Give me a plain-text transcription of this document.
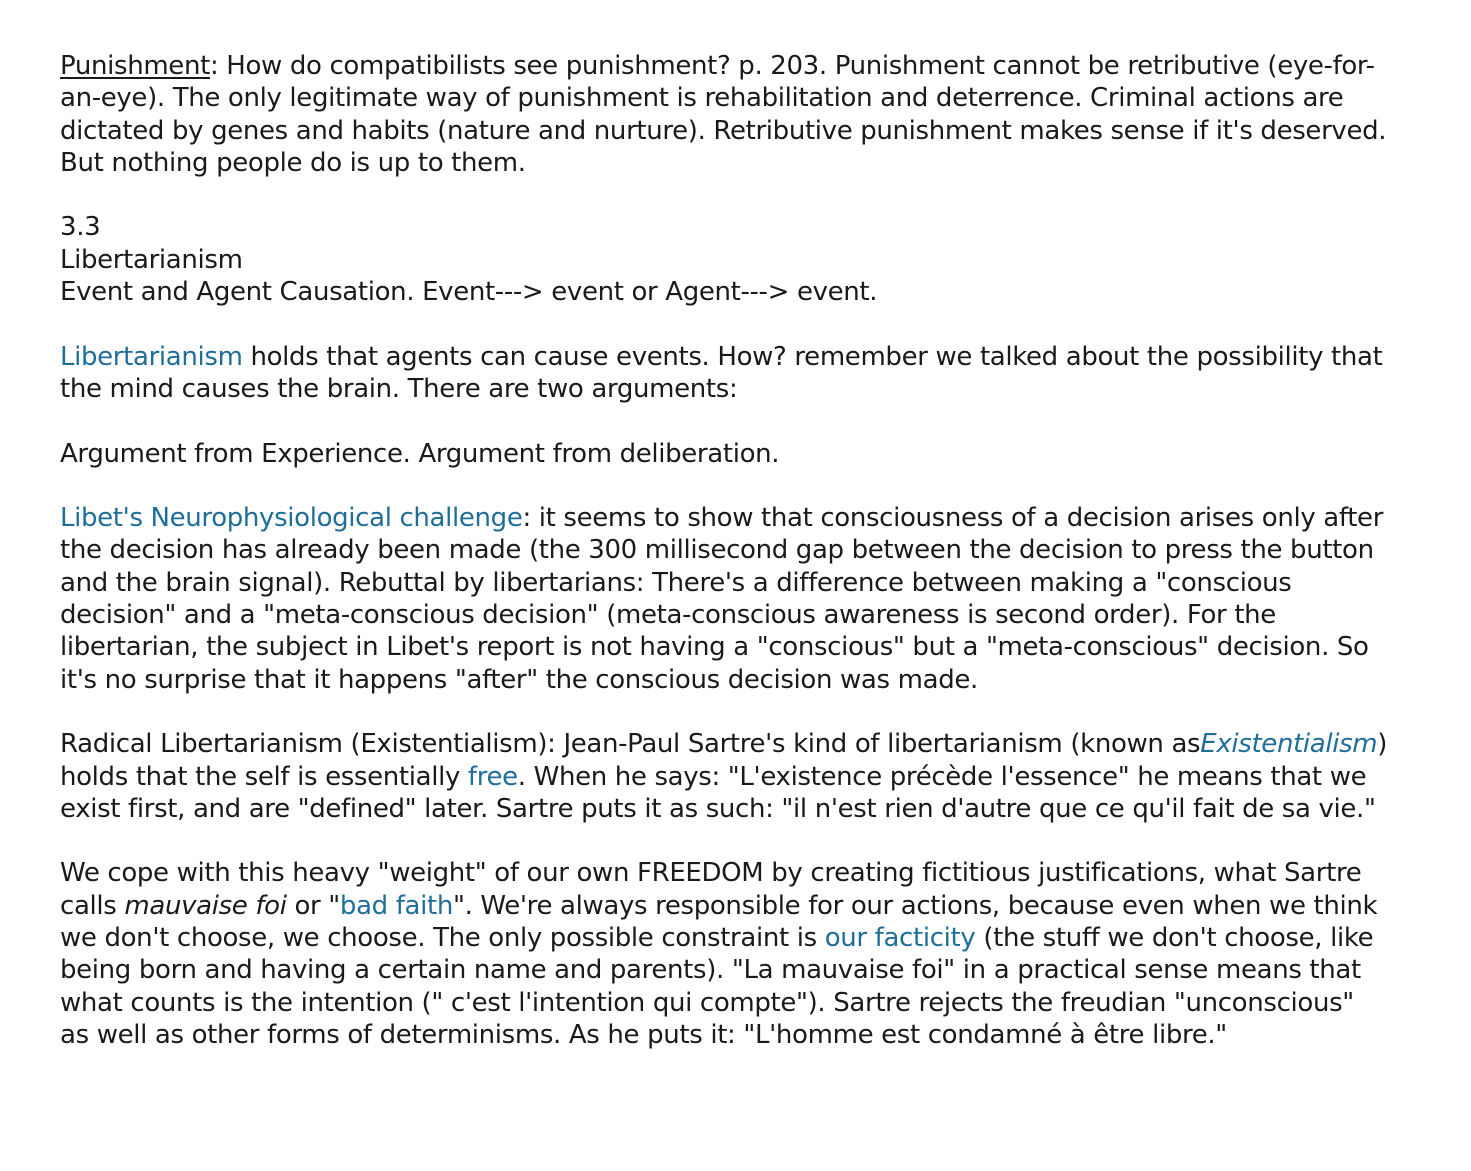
Punishment: How do compatibilists see punishment? p. 203. Punishment cannot be retributive (eye-for-an-eye). The only legitimate way of punishment is rehabilitation and deterrence. Criminal actions are dictated by genes and habits (nature and nurture). Retributive punishment makes sense if it's deserved. But nothing people do is up to them.

3.3
Libertarianism
Event and Agent Causation. Event---> event or Agent---> event.

Libertarianism holds that agents can cause events. How? remember we talked about the possibility that the mind causes the brain. There are two arguments:

Argument from Experience. Argument from deliberation.

Libet's Neurophysiological challenge: it seems to show that consciousness of a decision arises only after the decision has already been made (the 300 millisecond gap between the decision to press the button and the brain signal). Rebuttal by libertarians: There's a difference between making a "conscious decision" and a "meta-conscious decision" (meta-conscious awareness is second order). For the libertarian, the subject in Libet's report is not having a "conscious" but a "meta-conscious" decision. So it's no surprise that it happens "after" the conscious decision was made.

Radical Libertarianism (Existentialism): Jean-Paul Sartre's kind of libertarianism (known asExistentialism) holds that the self is essentially free. When he says: "L'existence précède l'essence" he means that we exist first, and are "defined" later. Sartre puts it as such: "il n'est rien d'autre que ce qu'il fait de sa vie."

We cope with this heavy "weight" of our own FREEDOM by creating fictitious justifications, what Sartre calls mauvaise foi or "bad faith". We're always responsible for our actions, because even when we think we don't choose, we choose. The only possible constraint is our facticity (the stuff we don't choose, like being born and having a certain name and parents). "La mauvaise foi" in a practical sense means that what counts is the intention (" c'est l'intention qui compte"). Sartre rejects the freudian "unconscious" as well as other forms of determinisms. As he puts it: "L'homme est condamné à être libre."
